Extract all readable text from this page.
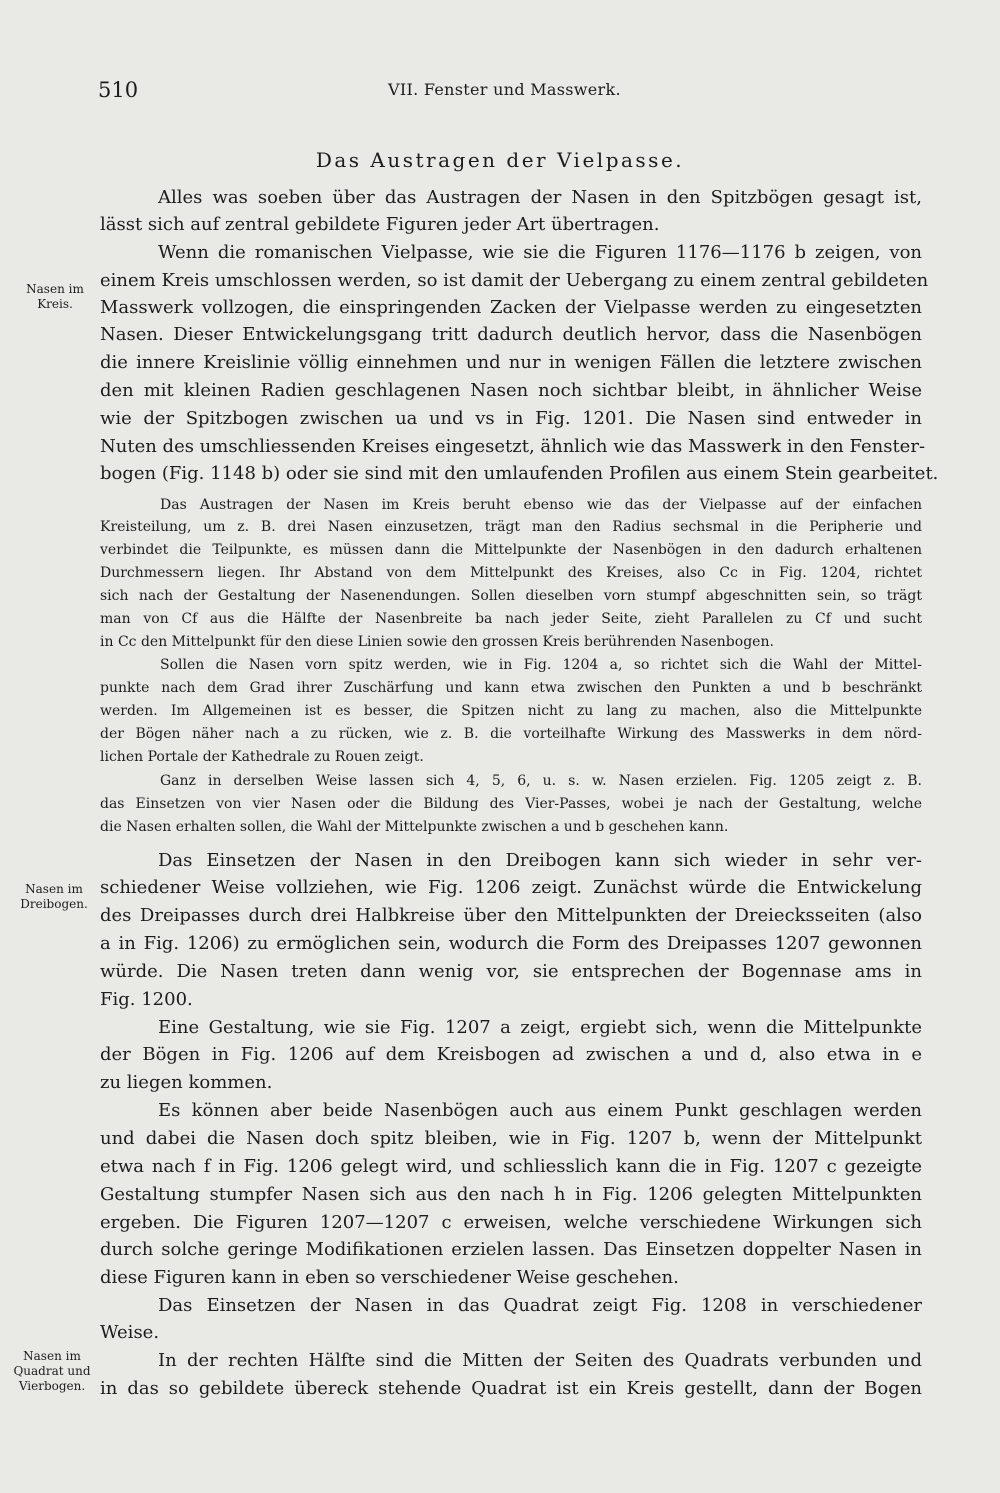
510	VII. Fenster und Masswerk.
Das Austragen der Vielpasse.
Nasen im Kreis.
Nasen im Dreibogen.
Nasen im Quadrat und Vierbogen.
Alles was soeben über das Austragen der Nasen in den Spitzbögen gesagt ist,
lässt sich auf zentral gebildete Figuren jeder Art übertragen.
Wenn die romanischen Vielpasse, wie sie die Figuren 1176—1176 b zeigen, von
einem Kreis umschlossen werden, so ist damit der Uebergang zu einem zentral gebildeten
Masswerk vollzogen, die einspringenden Zacken der Vielpasse werden zu eingesetzten
Nasen. Dieser Entwickelungsgang tritt dadurch deutlich hervor, dass die Nasenbögen
die innere Kreislinie völlig einnehmen und nur in wenigen Fällen die letztere zwischen
den mit kleinen Radien geschlagenen Nasen noch sichtbar bleibt, in ähnlicher Weise
wie der Spitzbogen zwischen ua und vs in Fig. 1201. Die Nasen sind entweder in
Nuten des umschliessenden Kreises eingesetzt, ähnlich wie das Masswerk in den Fenster-
bogen (Fig. 1148 b) oder sie sind mit den umlaufenden Profilen aus einem Stein gearbeitet.
Das Austragen der Nasen im Kreis beruht ebenso wie das der Vielpasse auf der einfachen
Kreisteilung, um z. B. drei Nasen einzusetzen, trägt man den Radius sechsmal in die Peripherie und
verbindet die Teilpunkte, es müssen dann die Mittelpunkte der Nasenbögen in den dadurch erhaltenen
Durchmessern liegen. Ihr Abstand von dem Mittelpunkt des Kreises, also Cc in Fig. 1204, richtet
sich nach der Gestaltung der Nasenendungen. Sollen dieselben vorn stumpf abgeschnitten sein, so trägt
man von Cf aus die Hälfte der Nasenbreite ba nach jeder Seite, zieht Parallelen zu Cf und sucht
in Cc den Mittelpunkt für den diese Linien sowie den grossen Kreis berührenden Nasenbogen.
Sollen die Nasen vorn spitz werden, wie in Fig. 1204 a, so richtet sich die Wahl der Mittel-
punkte nach dem Grad ihrer Zuschärfung und kann etwa zwischen den Punkten a und b beschränkt
werden. Im Allgemeinen ist es besser, die Spitzen nicht zu lang zu machen, also die Mittelpunkte
der Bögen näher nach a zu rücken, wie z. B. die vorteilhafte Wirkung des Masswerks in dem nörd-
lichen Portale der Kathedrale zu Rouen zeigt.
Ganz in derselben Weise lassen sich 4, 5, 6, u. s. w. Nasen erzielen. Fig. 1205 zeigt z. B.
das Einsetzen von vier Nasen oder die Bildung des Vier-Passes, wobei je nach der Gestaltung, welche
die Nasen erhalten sollen, die Wahl der Mittelpunkte zwischen a und b geschehen kann.
Das Einsetzen der Nasen in den Dreibogen kann sich wieder in sehr ver-
schiedener Weise vollziehen, wie Fig. 1206 zeigt. Zunächst würde die Entwickelung
des Dreipasses durch drei Halbkreise über den Mittelpunkten der Dreiecksseiten (also
a in Fig. 1206) zu ermöglichen sein, wodurch die Form des Dreipasses 1207 gewonnen
würde. Die Nasen treten dann wenig vor, sie entsprechen der Bogennase ams in
Fig. 1200.
Eine Gestaltung, wie sie Fig. 1207 a zeigt, ergiebt sich, wenn die Mittelpunkte
der Bögen in Fig. 1206 auf dem Kreisbogen ad zwischen a und d, also etwa in e
zu liegen kommen.
Es können aber beide Nasenbögen auch aus einem Punkt geschlagen werden
und dabei die Nasen doch spitz bleiben, wie in Fig. 1207 b, wenn der Mittelpunkt
etwa nach f in Fig. 1206 gelegt wird, und schliesslich kann die in Fig. 1207 c gezeigte
Gestaltung stumpfer Nasen sich aus den nach h in Fig. 1206 gelegten Mittelpunkten
ergeben. Die Figuren 1207—1207 c erweisen, welche verschiedene Wirkungen sich
durch solche geringe Modifikationen erzielen lassen. Das Einsetzen doppelter Nasen in
diese Figuren kann in eben so verschiedener Weise geschehen.
Das Einsetzen der Nasen in das Quadrat zeigt Fig. 1208 in verschiedener
Weise.
In der rechten Hälfte sind die Mitten der Seiten des Quadrats verbunden und
in das so gebildete übereck stehende Quadrat ist ein Kreis gestellt, dann der Bogen
